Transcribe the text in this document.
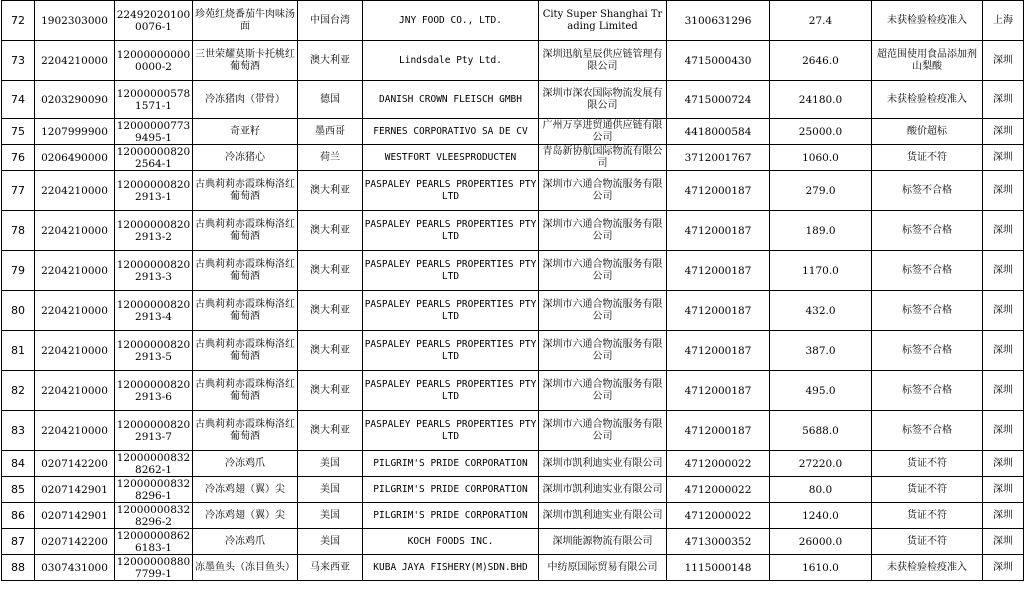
72	1902303000	224920201000076-1	珍苑红烧番茄牛肉味汤面	中国台湾	JNY FOOD CO., LTD.	City Super Shanghai Trading Limited	3100631296	27.4	未获检验检疫准入	上海
73	2204210000	120000000000000-2	三世荣耀莫斯卡托桃红葡萄酒	澳大利亚	Lindsdale Pty Ltd.	深圳迅航星辰供应链管理有限公司	4715000430	2646.0	超范围使用食品添加剂山梨酸	深圳
74	0203290090	120000005781571-1	冷冻猪肉（带骨）	德国	DANISH CROWN FLEISCH GMBH	深圳市深农国际物流发展有限公司	4715000724	24180.0	未获检验检疫准入	深圳
75	1207999900	120000007739495-1	奇亚籽	墨西哥	FERNES CORPORATIVO SA DE CV	广州万享进贸通供应链有限公司	4418000584	25000.0	酸价超标	深圳
76	0206490000	120000008202564-1	冷冻猪心	荷兰	WESTFORT VLEESPRODUCTEN	青岛新协航国际物流有限公司	3712001767	1060.0	货证不符	深圳
77	2204210000	120000008202913-1	古典莉莉赤霞珠梅洛红葡萄酒	澳大利亚	PASPALEY PEARLS PROPERTIES PTY LTD	深圳市六通合物流服务有限公司	4712000187	279.0	标签不合格	深圳
78	2204210000	120000008202913-2	古典莉莉赤霞珠梅洛红葡萄酒	澳大利亚	PASPALEY PEARLS PROPERTIES PTY LTD	深圳市六通合物流服务有限公司	4712000187	189.0	标签不合格	深圳
79	2204210000	120000008202913-3	古典莉莉赤霞珠梅洛红葡萄酒	澳大利亚	PASPALEY PEARLS PROPERTIES PTY LTD	深圳市六通合物流服务有限公司	4712000187	1170.0	标签不合格	深圳
80	2204210000	120000008202913-4	古典莉莉赤霞珠梅洛红葡萄酒	澳大利亚	PASPALEY PEARLS PROPERTIES PTY LTD	深圳市六通合物流服务有限公司	4712000187	432.0	标签不合格	深圳
81	2204210000	120000008202913-5	古典莉莉赤霞珠梅洛红葡萄酒	澳大利亚	PASPALEY PEARLS PROPERTIES PTY LTD	深圳市六通合物流服务有限公司	4712000187	387.0	标签不合格	深圳
82	2204210000	120000008202913-6	古典莉莉赤霞珠梅洛红葡萄酒	澳大利亚	PASPALEY PEARLS PROPERTIES PTY LTD	深圳市六通合物流服务有限公司	4712000187	495.0	标签不合格	深圳
83	2204210000	120000008202913-7	古典莉莉赤霞珠梅洛红葡萄酒	澳大利亚	PASPALEY PEARLS PROPERTIES PTY LTD	深圳市六通合物流服务有限公司	4712000187	5688.0	标签不合格	深圳
84	0207142200	120000008328262-1	冷冻鸡爪	美国	PILGRIM'S PRIDE CORPORATION	深圳市凯利迪实业有限公司	4712000022	27220.0	货证不符	深圳
85	0207142901	120000008328296-1	冷冻鸡翅（翼）尖	美国	PILGRIM'S PRIDE CORPORATION	深圳市凯利迪实业有限公司	4712000022	80.0	货证不符	深圳
86	0207142901	120000008328296-2	冷冻鸡翅（翼）尖	美国	PILGRIM'S PRIDE CORPORATION	深圳市凯利迪实业有限公司	4712000022	1240.0	货证不符	深圳
87	0207142200	120000008626183-1	冷冻鸡爪	美国	KOCH FOODS INC.	深圳能源物流有限公司	4713000352	26000.0	货证不符	深圳
88	0307431000	120000008807799-1	冻墨鱼头（冻目鱼头）	马来西亚	KUBA JAYA FISHERY(M)SDN.BHD	中纺原国际贸易有限公司	1115000148	1610.0	未获检验检疫准入	深圳
